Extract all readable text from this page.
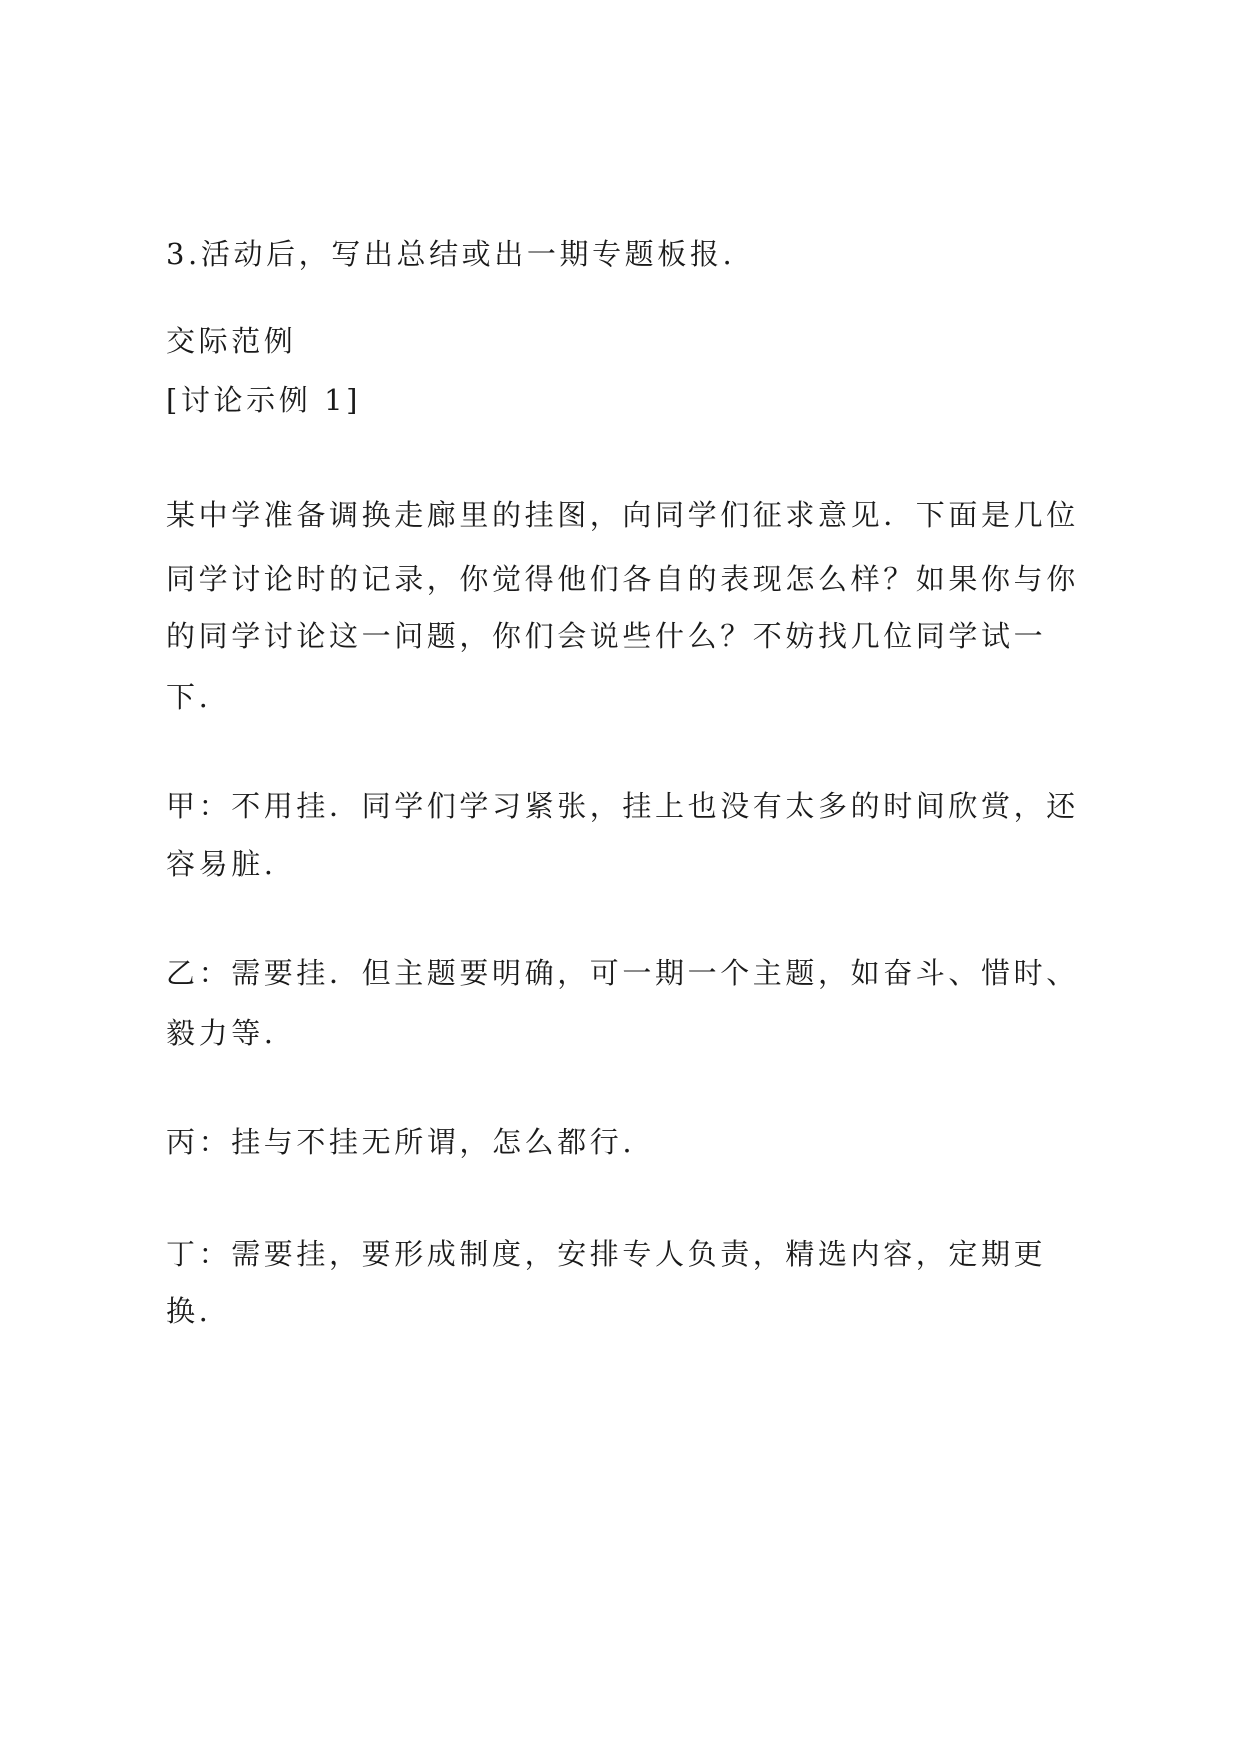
3.活动后，写出总结或出一期专题板报.
交际范例
[讨论示例 1]
某中学准备调换走廊里的挂图，向同学们征求意见．下面是几位
同学讨论时的记录，你觉得他们各自的表现怎么样？如果你与你
的同学讨论这一问题，你们会说些什么？不妨找几位同学试一
下.
甲：不用挂．同学们学习紧张，挂上也没有太多的时间欣赏，还
容易脏.
乙：需要挂．但主题要明确，可一期一个主题，如奋斗、惜时、
毅力等.
丙：挂与不挂无所谓，怎么都行.
丁：需要挂，要形成制度，安排专人负责，精选内容，定期更
换.
